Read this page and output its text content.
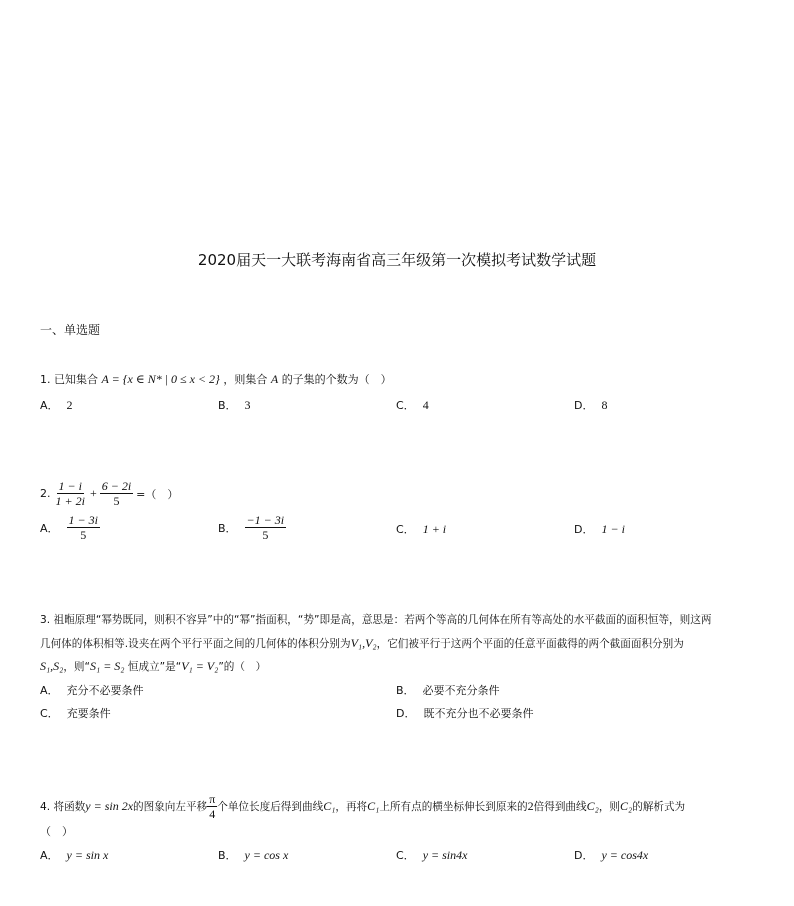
2020届天一大联考海南省高三年级第一次模拟考试数学试题
一、单选题
1. 已知集合 A = {x ∈ N* | 0 ≤ x < 2} ，则集合 A 的子集的个数为（　）
A． 2	B． 3	C． 4	D． 8
2. $\frac{1 - i}{1 + 2i} + \frac{6 - 2i}{5}$ =（　）
A． $\frac{1 - 3i}{5}$	B． $\frac{-1 - 3i}{5}$	C． 1 + i	D． 1 − i
3. 祖暅原理“幂势既同，则积不容异”中的“幂”指面积，“势”即是高，意思是：若两个等高的几何体在所有等高处的水平截面的面积恒等，则这两
几何体的体积相等.设夹在两个平行平面之间的几何体的体积分别为V₁,V₂，它们被平行于这两个平面的任意平面截得的两个截面面积分别为
S₁,S₂，则“S₁ = S₂ 恒成立”是“V₁ = V₂”的（　）
A． 充分不必要条件	B． 必要不充分条件
C． 充要条件	D． 既不充分也不必要条件
4. 将函数 y = sin 2x 的图象向左平移 $\frac{\pi}{4}$ 个单位长度后得到曲线 C₁ ，再将 C₁ 上所有点的横坐标伸长到原来的 2 倍得到曲线 C₂ ，则 C₂ 的解析式为
（　）
A． y = sin x	B． y = cos x	C． y = sin4x	D． y = cos4x
